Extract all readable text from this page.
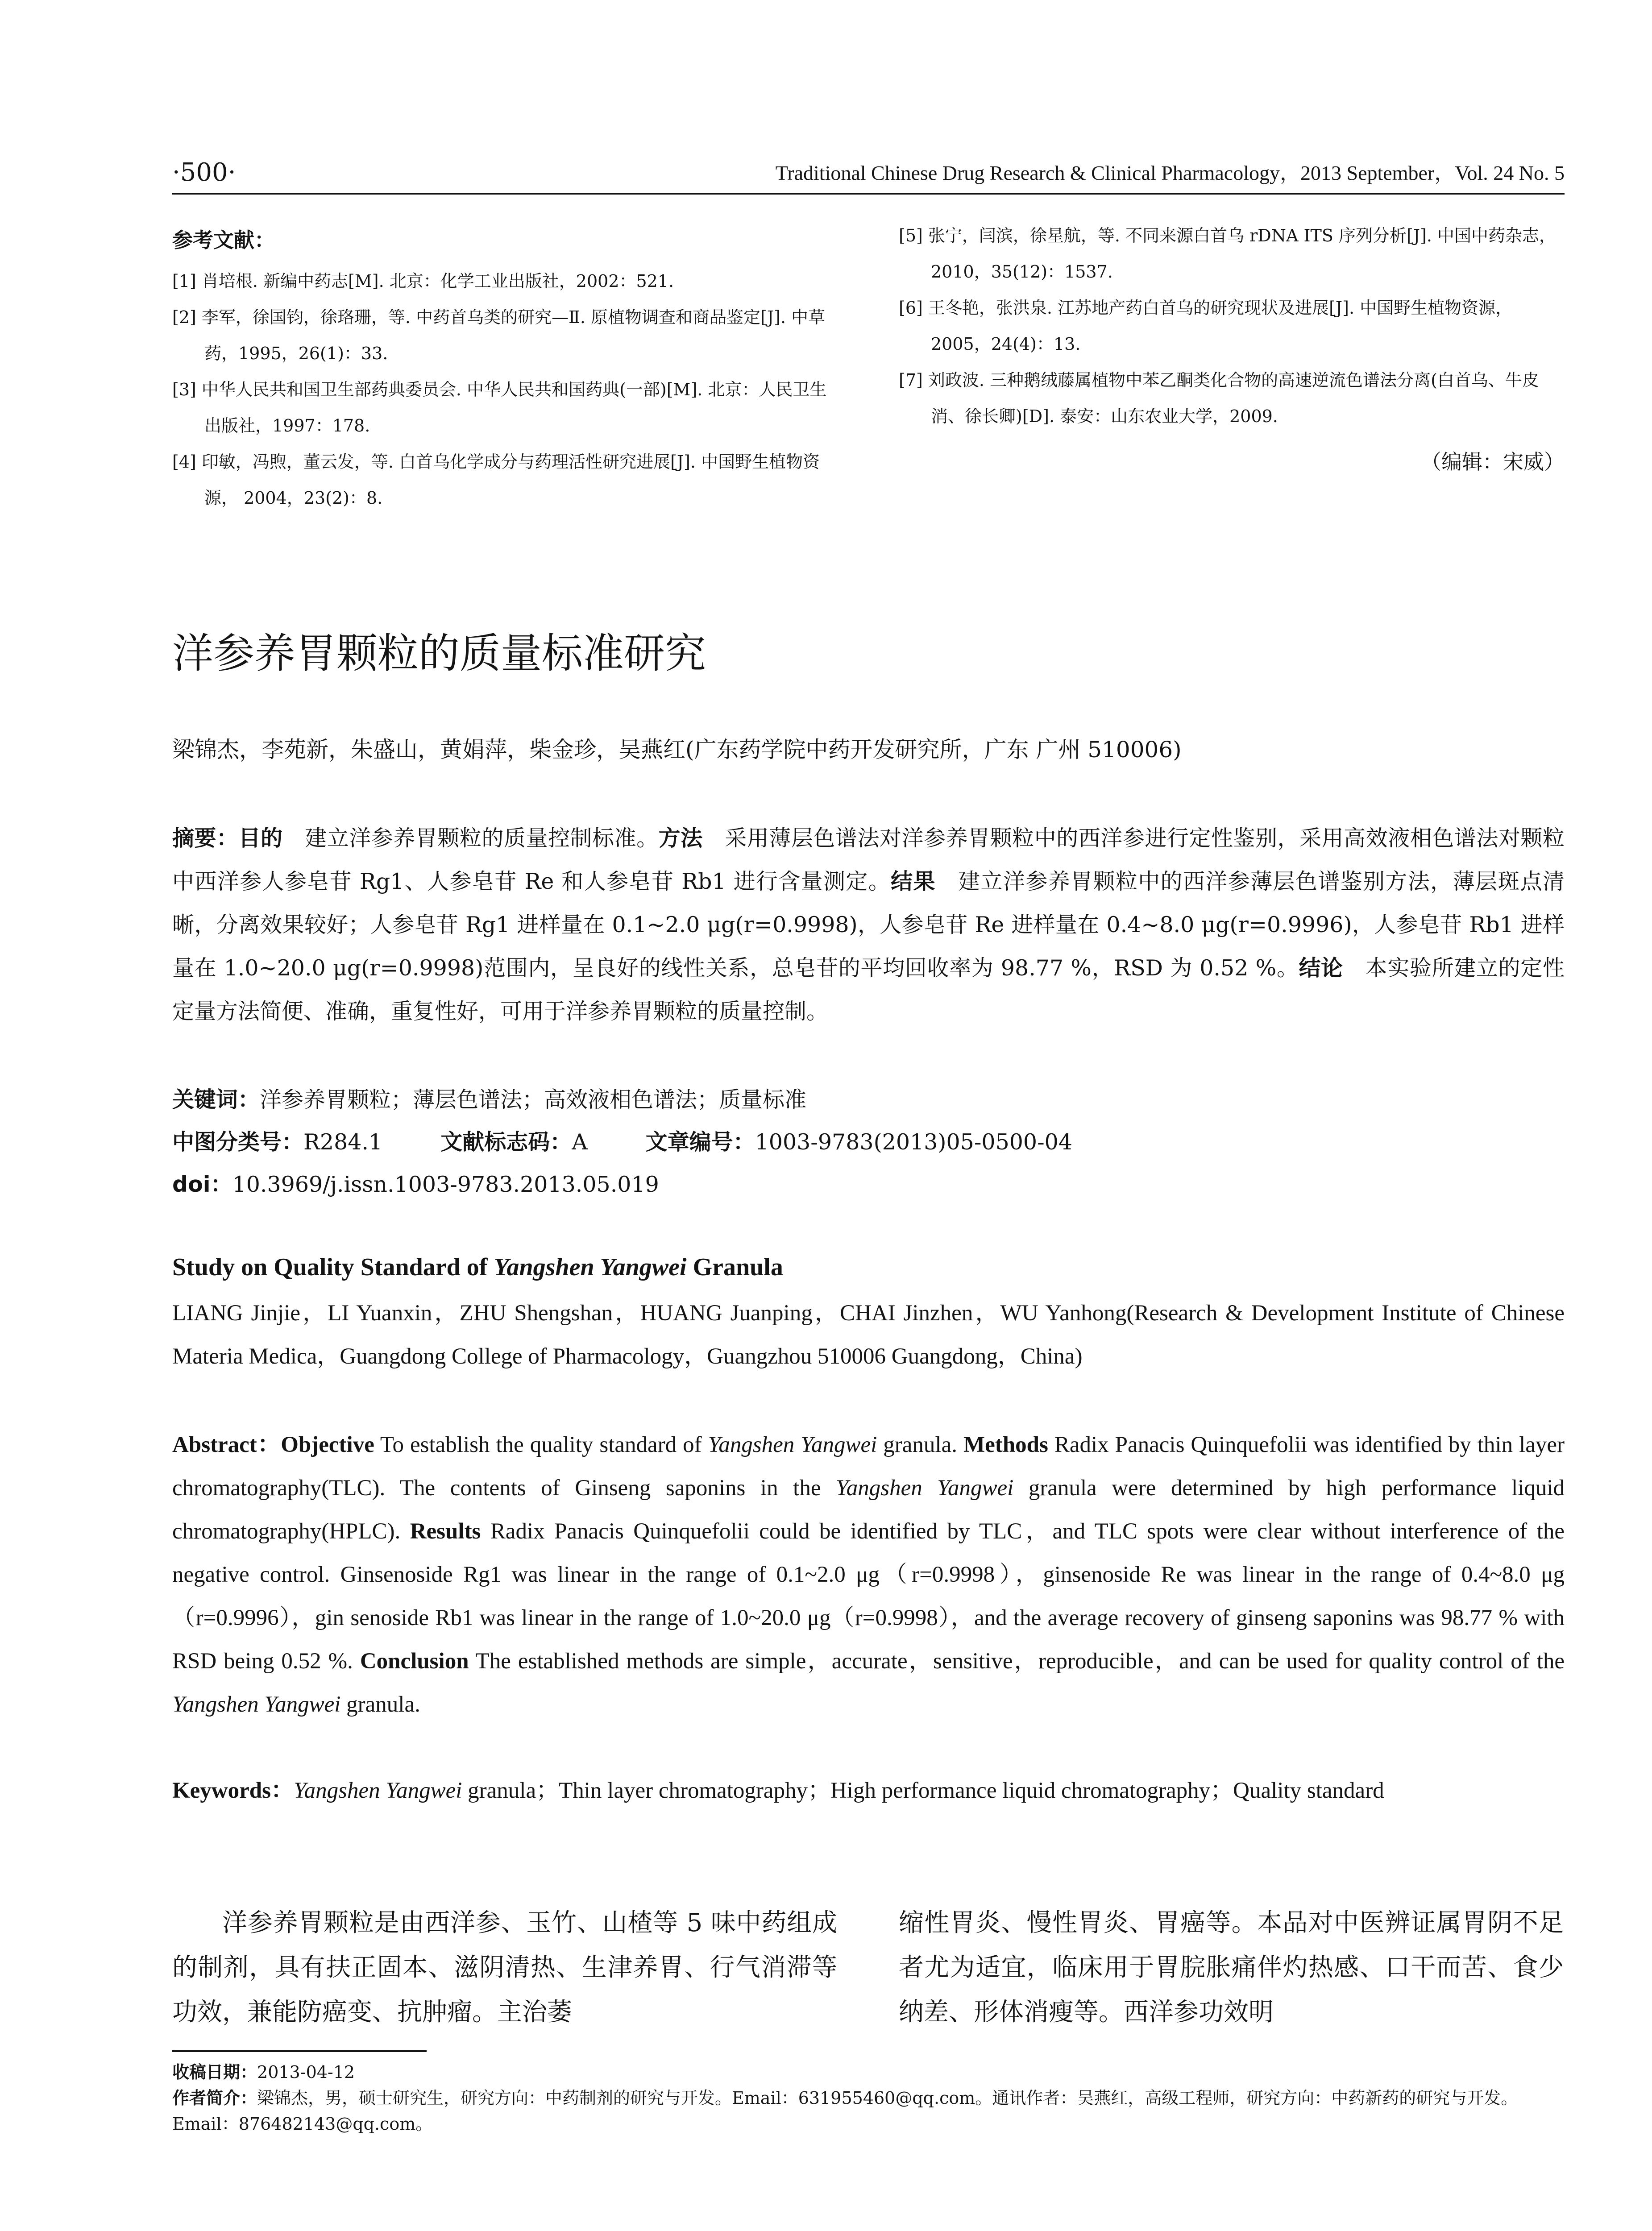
·500·	Traditional Chinese Drug Research & Clinical Pharmacology，2013 September，Vol. 24 No. 5
参考文献：

[1] 肖培根. 新编中药志[M]. 北京：化学工业出版社，2002：521.

[2] 李军，徐国钧，徐珞珊，等. 中药首乌类的研究—Ⅱ. 原植物调查和商品鉴定[J]. 中草药，1995，26(1)：33.

[3] 中华人民共和国卫生部药典委员会. 中华人民共和国药典(一部)[M]. 北京：人民卫生出版社，1997：178.

[4] 印敏，冯煦，董云发，等. 白首乌化学成分与药理活性研究进展[J]. 中国野生植物资源， 2004，23(2)：8.

[5] 张宁，闫滨，徐星航，等. 不同来源白首乌 rDNA ITS 序列分析[J]. 中国中药杂志，2010，35(12)：1537.

[6] 王冬艳，张洪泉. 江苏地产药白首乌的研究现状及进展[J]. 中国野生植物资源，2005，24(4)：13.

[7] 刘政波. 三种鹅绒藤属植物中苯乙酮类化合物的高速逆流色谱法分离(白首乌、牛皮消、徐长卿)[D]. 泰安：山东农业大学，2009.

（编辑：宋威）
洋参养胃颗粒的质量标准研究
梁锦杰，李苑新，朱盛山，黄娟萍，柴金珍，吴燕红(广东药学院中药开发研究所，广东 广州 510006)
摘要：目的  建立洋参养胃颗粒的质量控制标准。方法  采用薄层色谱法对洋参养胃颗粒中的西洋参进行定性鉴别，采用高效液相色谱法对颗粒中西洋参人参皂苷 Rg1、人参皂苷 Re 和人参皂苷 Rb1 进行含量测定。结果  建立洋参养胃颗粒中的西洋参薄层色谱鉴别方法，薄层斑点清晰，分离效果较好；人参皂苷 Rg1 进样量在 0.1~2.0 μg(r=0.9998)，人参皂苷 Re 进样量在 0.4~8.0 μg(r=0.9996)，人参皂苷 Rb1 进样量在 1.0~20.0 μg(r=0.9998)范围内，呈良好的线性关系，总皂苷的平均回收率为 98.77 %，RSD 为 0.52 %。结论  本实验所建立的定性定量方法简便、准确，重复性好，可用于洋参养胃颗粒的质量控制。
关键词：洋参养胃颗粒；薄层色谱法；高效液相色谱法；质量标准
中图分类号：R284.1	文献标志码：A	文章编号：1003-9783(2013)05-0500-04
doi：10.3969/j.issn.1003-9783.2013.05.019
Study on Quality Standard of Yangshen Yangwei Granula
LIANG Jinjie，LI Yuanxin，ZHU Shengshan，HUANG Juanping，CHAI Jinzhen，WU Yanhong(Research & Development Institute of Chinese Materia Medica，Guangdong College of Pharmacology，Guangzhou 510006 Guangdong，China)
Abstract：Objective To establish the quality standard of Yangshen Yangwei granula. Methods Radix Panacis Quinquefolii was identified by thin layer chromatography(TLC). The contents of Ginseng saponins in the Yangshen Yangwei granula were determined by high performance liquid chromatography(HPLC). Results Radix Panacis Quinquefolii could be identified by TLC，and TLC spots were clear without interference of the negative control. Ginsenoside Rg1 was linear in the range of 0.1~2.0 μg（r=0.9998），ginsenoside Re was linear in the range of 0.4~8.0 μg（r=0.9996），gin senoside Rb1 was linear in the range of 1.0~20.0 μg（r=0.9998），and the average recovery of ginseng saponins was 98.77 % with RSD being 0.52 %. Conclusion The established methods are simple，accurate，sensitive，reproducible，and can be used for quality control of the Yangshen Yangwei granula.
Keywords：Yangshen Yangwei granula；Thin layer chromatography；High performance liquid chromatography；Quality standard
洋参养胃颗粒是由西洋参、玉竹、山楂等 5 味中药组成的制剂，具有扶正固本、滋阴清热、生津养胃、行气消滞等功效，兼能防癌变、抗肿瘤。主治萎
缩性胃炎、慢性胃炎、胃癌等。本品对中医辨证属胃阴不足者尤为适宜，临床用于胃脘胀痛伴灼热感、口干而苦、食少纳差、形体消瘦等。西洋参功效明

收稿日期：2013-04-12

作者简介：梁锦杰，男，硕士研究生，研究方向：中药制剂的研究与开发。Email：631955460@qq.com。通讯作者：吴燕红，高级工程师，研究方向：中药新药的研究与开发。Email：876482143@qq.com。
